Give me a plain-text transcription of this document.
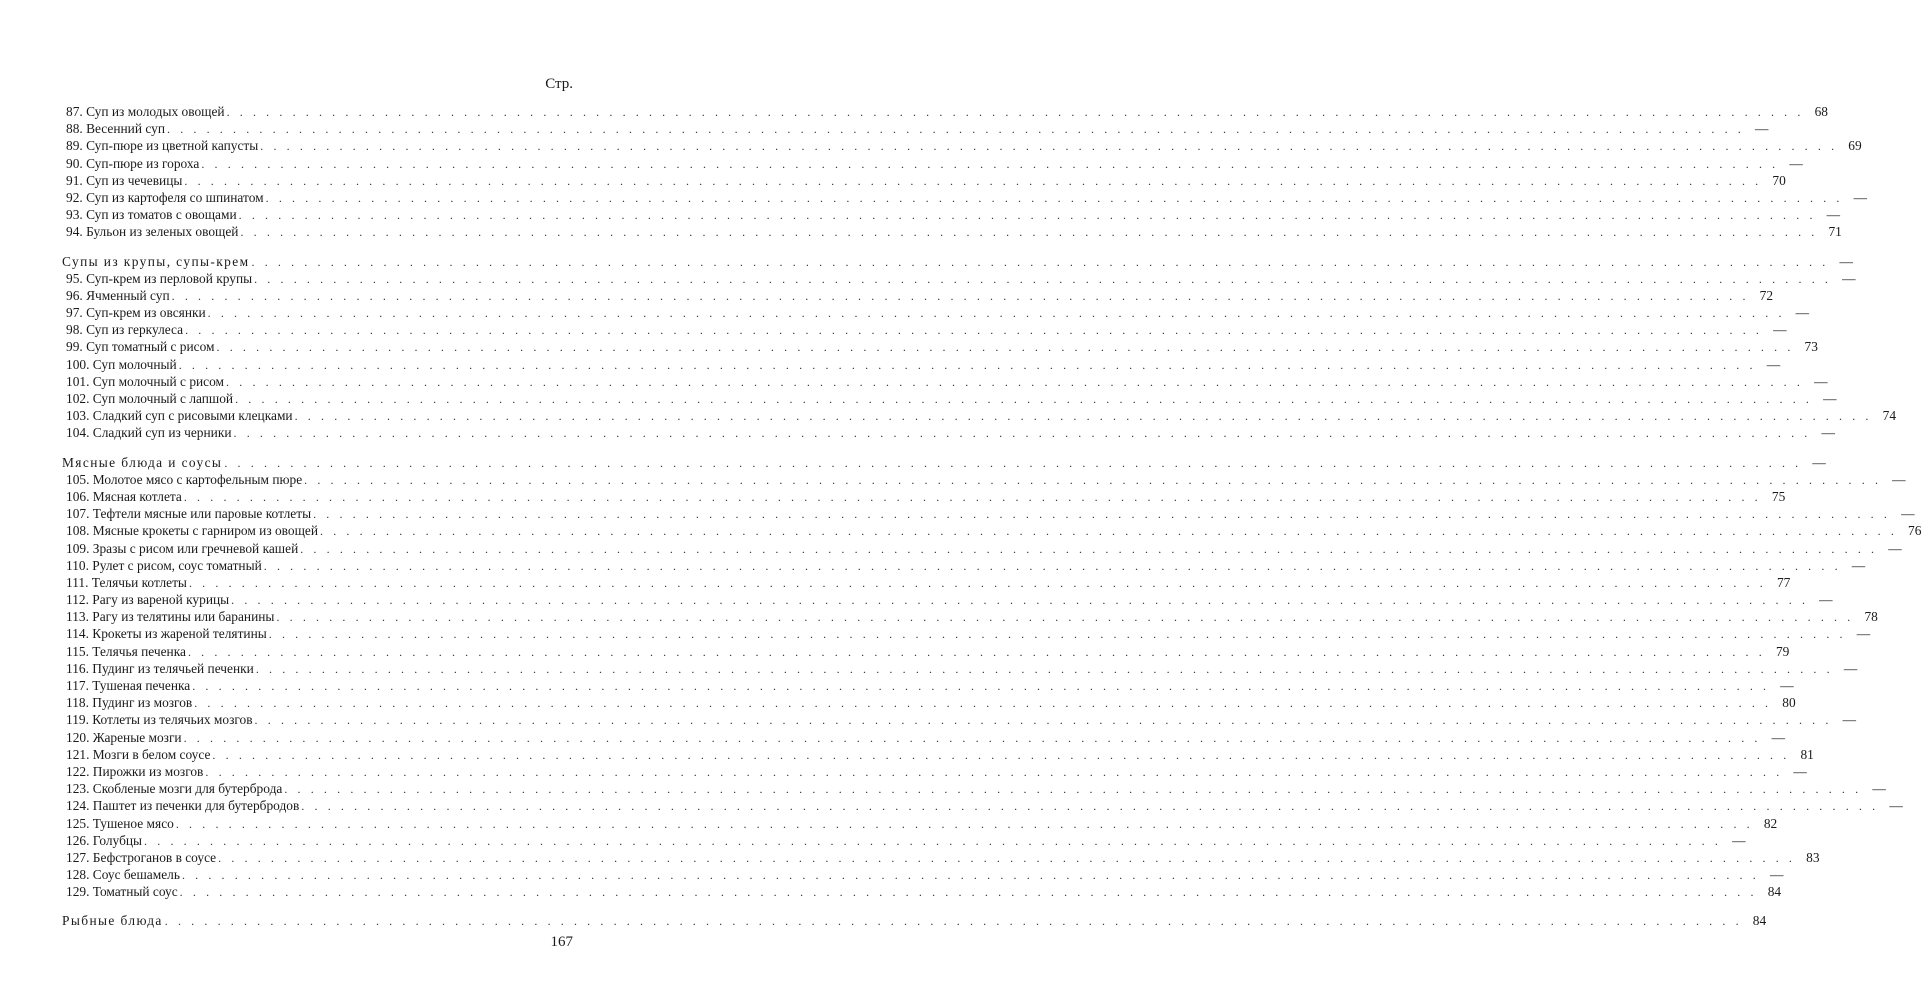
Стр.
87. Суп из молодых овощей . . . . . . . . . . . . . . . . . . . . . . . . . . . . . . . . . . . . . . . . . . . . . . . . . . . . . . . . . . . . . . . . . . . . . . . . . . . . . . . . . . . . . . . . . . . . . . . . . . . . . . . . . . . . . . . . . . . . . . . . 68
88. Весенний суп . . . . . . . . . . . . . . . . . . . . . . . . . . . . . . . . . . . . . . . . . . . . . . . . . . . . . . . . . . . . . . . . . . . . . . . . . . . . . . . . . . . . . . . . . . . . . . . . . . . . . . . . . . . . . . . . . . . . . . . . —
89. Суп-пюре из цветной капусты . . . . . . . . . . . . . . . . . . . . . . . . . . . . . . . . . . . . . . . . . . . . . . . . . . . . . . . . . . . . . . . . . . . . . . . . . . . . . . . . . . . . . . . . . . . . . . . . . . . . . . . . . . . . . . . . . . . . . . . . 69
90. Суп-пюре из гороха . . . . . . . . . . . . . . . . . . . . . . . . . . . . . . . . . . . . . . . . . . . . . . . . . . . . . . . . . . . . . . . . . . . . . . . . . . . . . . . . . . . . . . . . . . . . . . . . . . . . . . . . . . . . . . . . . . . . . . . . —
91. Суп из чечевицы . . . . . . . . . . . . . . . . . . . . . . . . . . . . . . . . . . . . . . . . . . . . . . . . . . . . . . . . . . . . . . . . . . . . . . . . . . . . . . . . . . . . . . . . . . . . . . . . . . . . . . . . . . . . . . . . . . . . . . . . 70
92. Суп из картофеля со шпинатом . . . . . . . . . . . . . . . . . . . . . . . . . . . . . . . . . . . . . . . . . . . . . . . . . . . . . . . . . . . . . . . . . . . . . . . . . . . . . . . . . . . . . . . . . . . . . . . . . . . . . . . . . . . . . . . . . . . . . . . . —
93. Суп из томатов с овощами . . . . . . . . . . . . . . . . . . . . . . . . . . . . . . . . . . . . . . . . . . . . . . . . . . . . . . . . . . . . . . . . . . . . . . . . . . . . . . . . . . . . . . . . . . . . . . . . . . . . . . . . . . . . . . . . . . . . . . . . —
94. Бульон из зеленых овощей . . . . . . . . . . . . . . . . . . . . . . . . . . . . . . . . . . . . . . . . . . . . . . . . . . . . . . . . . . . . . . . . . . . . . . . . . . . . . . . . . . . . . . . . . . . . . . . . . . . . . . . . . . . . . . . . . . . . . . . . 71
Супы из крупы, супы-крем . . . . . . . . . . . . . . . . . . . . . . . . . . . . . . . . . . . . . . . . . . . . . . . . . . . . . . . . . . . . . . . . . . . . . . . . . . . . . . . . . . . . . . . . . . . . . . . . . . . . . . . . . . . . . . . . . . . . . . . . —
95. Суп-крем из перловой крупы . . . . . . . . . . . . . . . . . . . . . . . . . . . . . . . . . . . . . . . . . . . . . . . . . . . . . . . . . . . . . . . . . . . . . . . . . . . . . . . . . . . . . . . . . . . . . . . . . . . . . . . . . . . . . . . . . . . . . . . . —
96. Ячменный суп . . . . . . . . . . . . . . . . . . . . . . . . . . . . . . . . . . . . . . . . . . . . . . . . . . . . . . . . . . . . . . . . . . . . . . . . . . . . . . . . . . . . . . . . . . . . . . . . . . . . . . . . . . . . . . . . . . . . . . . . 72
97. Суп-крем из овсянки . . . . . . . . . . . . . . . . . . . . . . . . . . . . . . . . . . . . . . . . . . . . . . . . . . . . . . . . . . . . . . . . . . . . . . . . . . . . . . . . . . . . . . . . . . . . . . . . . . . . . . . . . . . . . . . . . . . . . . . . —
98. Суп из геркулеса . . . . . . . . . . . . . . . . . . . . . . . . . . . . . . . . . . . . . . . . . . . . . . . . . . . . . . . . . . . . . . . . . . . . . . . . . . . . . . . . . . . . . . . . . . . . . . . . . . . . . . . . . . . . . . . . . . . . . . . . —
99. Суп томатный с рисом . . . . . . . . . . . . . . . . . . . . . . . . . . . . . . . . . . . . . . . . . . . . . . . . . . . . . . . . . . . . . . . . . . . . . . . . . . . . . . . . . . . . . . . . . . . . . . . . . . . . . . . . . . . . . . . . . . . . . . . . 73
100. Суп молочный . . . . . . . . . . . . . . . . . . . . . . . . . . . . . . . . . . . . . . . . . . . . . . . . . . . . . . . . . . . . . . . . . . . . . . . . . . . . . . . . . . . . . . . . . . . . . . . . . . . . . . . . . . . . . . . . . . . . . . . . —
101. Суп молочный с рисом . . . . . . . . . . . . . . . . . . . . . . . . . . . . . . . . . . . . . . . . . . . . . . . . . . . . . . . . . . . . . . . . . . . . . . . . . . . . . . . . . . . . . . . . . . . . . . . . . . . . . . . . . . . . . . . . . . . . . . . . —
102. Суп молочный с лапшой . . . . . . . . . . . . . . . . . . . . . . . . . . . . . . . . . . . . . . . . . . . . . . . . . . . . . . . . . . . . . . . . . . . . . . . . . . . . . . . . . . . . . . . . . . . . . . . . . . . . . . . . . . . . . . . . . . . . . . . . —
103. Сладкий суп с рисовыми клецками . . . . . . . . . . . . . . . . . . . . . . . . . . . . . . . . . . . . . . . . . . . . . . . . . . . . . . . . . . . . . . . . . . . . . . . . . . . . . . . . . . . . . . . . . . . . . . . . . . . . . . . . . . . . . . . . . . . . . . . . 74
104. Сладкий суп из черники . . . . . . . . . . . . . . . . . . . . . . . . . . . . . . . . . . . . . . . . . . . . . . . . . . . . . . . . . . . . . . . . . . . . . . . . . . . . . . . . . . . . . . . . . . . . . . . . . . . . . . . . . . . . . . . . . . . . . . . . —
Мясные блюда и соусы . . . . . . . . . . . . . . . . . . . . . . . . . . . . . . . . . . . . . . . . . . . . . . . . . . . . . . . . . . . . . . . . . . . . . . . . . . . . . . . . . . . . . . . . . . . . . . . . . . . . . . . . . . . . . . . . . . . . . . . . —
105. Молотое мясо с картофельным пюре . . . . . . . . . . . . . . . . . . . . . . . . . . . . . . . . . . . . . . . . . . . . . . . . . . . . . . . . . . . . . . . . . . . . . . . . . . . . . . . . . . . . . . . . . . . . . . . . . . . . . . . . . . . . . . . . . . . . . . . . —
106. Мясная котлета . . . . . . . . . . . . . . . . . . . . . . . . . . . . . . . . . . . . . . . . . . . . . . . . . . . . . . . . . . . . . . . . . . . . . . . . . . . . . . . . . . . . . . . . . . . . . . . . . . . . . . . . . . . . . . . . . . . . . . . . 75
107. Тефтели мясные или паровые котлеты . . . . . . . . . . . . . . . . . . . . . . . . . . . . . . . . . . . . . . . . . . . . . . . . . . . . . . . . . . . . . . . . . . . . . . . . . . . . . . . . . . . . . . . . . . . . . . . . . . . . . . . . . . . . . . . . . . . . . . . . —
108. Мясные крокеты с гарниром из овощей . . . . . . . . . . . . . . . . . . . . . . . . . . . . . . . . . . . . . . . . . . . . . . . . . . . . . . . . . . . . . . . . . . . . . . . . . . . . . . . . . . . . . . . . . . . . . . . . . . . . . . . . . . . . . . . . . . . . . . . . 76
109. Зразы с рисом или гречневой кашей . . . . . . . . . . . . . . . . . . . . . . . . . . . . . . . . . . . . . . . . . . . . . . . . . . . . . . . . . . . . . . . . . . . . . . . . . . . . . . . . . . . . . . . . . . . . . . . . . . . . . . . . . . . . . . . . . . . . . . . . —
110. Рулет с рисом, соус томатный . . . . . . . . . . . . . . . . . . . . . . . . . . . . . . . . . . . . . . . . . . . . . . . . . . . . . . . . . . . . . . . . . . . . . . . . . . . . . . . . . . . . . . . . . . . . . . . . . . . . . . . . . . . . . . . . . . . . . . . . —
111. Телячьи котлеты . . . . . . . . . . . . . . . . . . . . . . . . . . . . . . . . . . . . . . . . . . . . . . . . . . . . . . . . . . . . . . . . . . . . . . . . . . . . . . . . . . . . . . . . . . . . . . . . . . . . . . . . . . . . . . . . . . . . . . . . 77
112. Рагу из вареной курицы . . . . . . . . . . . . . . . . . . . . . . . . . . . . . . . . . . . . . . . . . . . . . . . . . . . . . . . . . . . . . . . . . . . . . . . . . . . . . . . . . . . . . . . . . . . . . . . . . . . . . . . . . . . . . . . . . . . . . . . . —
113. Рагу из телятины или баранины . . . . . . . . . . . . . . . . . . . . . . . . . . . . . . . . . . . . . . . . . . . . . . . . . . . . . . . . . . . . . . . . . . . . . . . . . . . . . . . . . . . . . . . . . . . . . . . . . . . . . . . . . . . . . . . . . . . . . . . . 78
114. Крокеты из жареной телятины . . . . . . . . . . . . . . . . . . . . . . . . . . . . . . . . . . . . . . . . . . . . . . . . . . . . . . . . . . . . . . . . . . . . . . . . . . . . . . . . . . . . . . . . . . . . . . . . . . . . . . . . . . . . . . . . . . . . . . . . —
115. Телячья печенка . . . . . . . . . . . . . . . . . . . . . . . . . . . . . . . . . . . . . . . . . . . . . . . . . . . . . . . . . . . . . . . . . . . . . . . . . . . . . . . . . . . . . . . . . . . . . . . . . . . . . . . . . . . . . . . . . . . . . . . . 79
116. Пудинг из телячьей печенки . . . . . . . . . . . . . . . . . . . . . . . . . . . . . . . . . . . . . . . . . . . . . . . . . . . . . . . . . . . . . . . . . . . . . . . . . . . . . . . . . . . . . . . . . . . . . . . . . . . . . . . . . . . . . . . . . . . . . . . . —
117. Тушеная печенка . . . . . . . . . . . . . . . . . . . . . . . . . . . . . . . . . . . . . . . . . . . . . . . . . . . . . . . . . . . . . . . . . . . . . . . . . . . . . . . . . . . . . . . . . . . . . . . . . . . . . . . . . . . . . . . . . . . . . . . . —
118. Пудинг из мозгов . . . . . . . . . . . . . . . . . . . . . . . . . . . . . . . . . . . . . . . . . . . . . . . . . . . . . . . . . . . . . . . . . . . . . . . . . . . . . . . . . . . . . . . . . . . . . . . . . . . . . . . . . . . . . . . . . . . . . . . . 80
119. Котлеты из телячьих мозгов . . . . . . . . . . . . . . . . . . . . . . . . . . . . . . . . . . . . . . . . . . . . . . . . . . . . . . . . . . . . . . . . . . . . . . . . . . . . . . . . . . . . . . . . . . . . . . . . . . . . . . . . . . . . . . . . . . . . . . . . —
120. Жареные мозги . . . . . . . . . . . . . . . . . . . . . . . . . . . . . . . . . . . . . . . . . . . . . . . . . . . . . . . . . . . . . . . . . . . . . . . . . . . . . . . . . . . . . . . . . . . . . . . . . . . . . . . . . . . . . . . . . . . . . . . . —
121. Мозги в белом соусе . . . . . . . . . . . . . . . . . . . . . . . . . . . . . . . . . . . . . . . . . . . . . . . . . . . . . . . . . . . . . . . . . . . . . . . . . . . . . . . . . . . . . . . . . . . . . . . . . . . . . . . . . . . . . . . . . . . . . . . . 81
122. Пирожки из мозгов . . . . . . . . . . . . . . . . . . . . . . . . . . . . . . . . . . . . . . . . . . . . . . . . . . . . . . . . . . . . . . . . . . . . . . . . . . . . . . . . . . . . . . . . . . . . . . . . . . . . . . . . . . . . . . . . . . . . . . . . —
123. Скобленые мозги для бутерброда . . . . . . . . . . . . . . . . . . . . . . . . . . . . . . . . . . . . . . . . . . . . . . . . . . . . . . . . . . . . . . . . . . . . . . . . . . . . . . . . . . . . . . . . . . . . . . . . . . . . . . . . . . . . . . . . . . . . . . . . —
124. Паштет из печенки для бутербродов . . . . . . . . . . . . . . . . . . . . . . . . . . . . . . . . . . . . . . . . . . . . . . . . . . . . . . . . . . . . . . . . . . . . . . . . . . . . . . . . . . . . . . . . . . . . . . . . . . . . . . . . . . . . . . . . . . . . . . . . —
125. Тушеное мясо . . . . . . . . . . . . . . . . . . . . . . . . . . . . . . . . . . . . . . . . . . . . . . . . . . . . . . . . . . . . . . . . . . . . . . . . . . . . . . . . . . . . . . . . . . . . . . . . . . . . . . . . . . . . . . . . . . . . . . . . 82
126. Голубцы . . . . . . . . . . . . . . . . . . . . . . . . . . . . . . . . . . . . . . . . . . . . . . . . . . . . . . . . . . . . . . . . . . . . . . . . . . . . . . . . . . . . . . . . . . . . . . . . . . . . . . . . . . . . . . . . . . . . . . . . —
127. Бефстроганов в соусе . . . . . . . . . . . . . . . . . . . . . . . . . . . . . . . . . . . . . . . . . . . . . . . . . . . . . . . . . . . . . . . . . . . . . . . . . . . . . . . . . . . . . . . . . . . . . . . . . . . . . . . . . . . . . . . . . . . . . . . . 83
128. Соус бешамель . . . . . . . . . . . . . . . . . . . . . . . . . . . . . . . . . . . . . . . . . . . . . . . . . . . . . . . . . . . . . . . . . . . . . . . . . . . . . . . . . . . . . . . . . . . . . . . . . . . . . . . . . . . . . . . . . . . . . . . . —
129. Томатный соус . . . . . . . . . . . . . . . . . . . . . . . . . . . . . . . . . . . . . . . . . . . . . . . . . . . . . . . . . . . . . . . . . . . . . . . . . . . . . . . . . . . . . . . . . . . . . . . . . . . . . . . . . . . . . . . . . . . . . . . . 84
Рыбные блюда . . . . . . . . . . . . . . . . . . . . . . . . . . . . . . . . . . . . . . . . . . . . . . . . . . . . . . . . . . . . . . . . . . . . . . . . . . . . . . . . . . . . . . . . . . . . . . . . . . . . . . . . . . . . . . . . . . . . . . . . 84
167
